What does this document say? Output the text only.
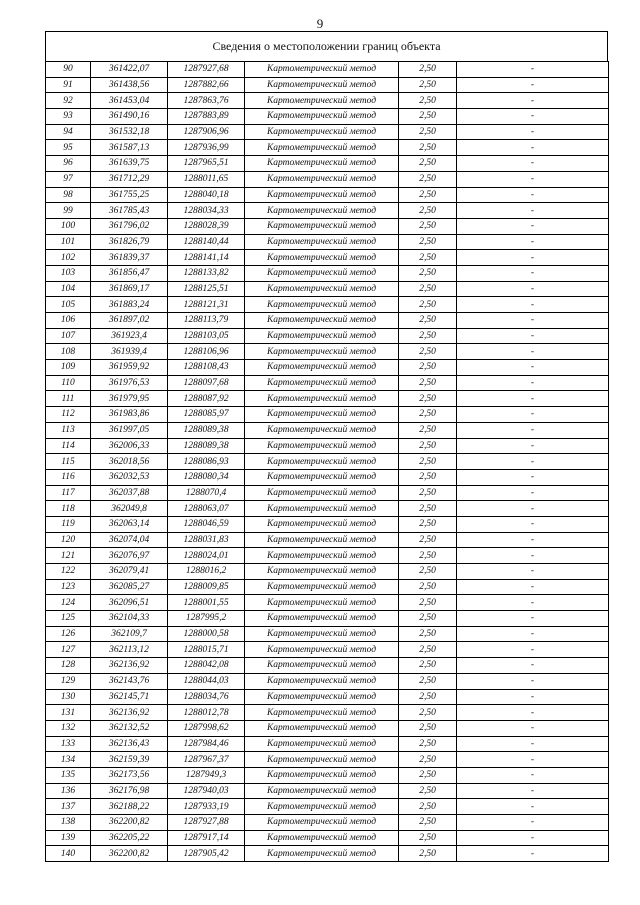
9
Сведения о местоположении границ объекта
90	361422,07	1287927,68	Картометрический метод	2,50	-
91	361438,56	1287882,66	Картометрический метод	2,50	-
92	361453,04	1287863,76	Картометрический метод	2,50	-
93	361490,16	1287883,89	Картометрический метод	2,50	-
94	361532,18	1287906,96	Картометрический метод	2,50	-
95	361587,13	1287936,99	Картометрический метод	2,50	-
96	361639,75	1287965,51	Картометрический метод	2,50	-
97	361712,29	1288011,65	Картометрический метод	2,50	-
98	361755,25	1288040,18	Картометрический метод	2,50	-
99	361785,43	1288034,33	Картометрический метод	2,50	-
100	361796,02	1288028,39	Картометрический метод	2,50	-
101	361826,79	1288140,44	Картометрический метод	2,50	-
102	361839,37	1288141,14	Картометрический метод	2,50	-
103	361856,47	1288133,82	Картометрический метод	2,50	-
104	361869,17	1288125,51	Картометрический метод	2,50	-
105	361883,24	1288121,31	Картометрический метод	2,50	-
106	361897,02	1288113,79	Картометрический метод	2,50	-
107	361923,4	1288103,05	Картометрический метод	2,50	-
108	361939,4	1288106,96	Картометрический метод	2,50	-
109	361959,92	1288108,43	Картометрический метод	2,50	-
110	361976,53	1288097,68	Картометрический метод	2,50	-
111	361979,95	1288087,92	Картометрический метод	2,50	-
112	361983,86	1288085,97	Картометрический метод	2,50	-
113	361997,05	1288089,38	Картометрический метод	2,50	-
114	362006,33	1288089,38	Картометрический метод	2,50	-
115	362018,56	1288086,93	Картометрический метод	2,50	-
116	362032,53	1288080,34	Картометрический метод	2,50	-
117	362037,88	1288070,4	Картометрический метод	2,50	-
118	362049,8	1288063,07	Картометрический метод	2,50	-
119	362063,14	1288046,59	Картометрический метод	2,50	-
120	362074,04	1288031,83	Картометрический метод	2,50	-
121	362076,97	1288024,01	Картометрический метод	2,50	-
122	362079,41	1288016,2	Картометрический метод	2,50	-
123	362085,27	1288009,85	Картометрический метод	2,50	-
124	362096,51	1288001,55	Картометрический метод	2,50	-
125	362104,33	1287995,2	Картометрический метод	2,50	-
126	362109,7	1288000,58	Картометрический метод	2,50	-
127	362113,12	1288015,71	Картометрический метод	2,50	-
128	362136,92	1288042,08	Картометрический метод	2,50	-
129	362143,76	1288044,03	Картометрический метод	2,50	-
130	362145,71	1288034,76	Картометрический метод	2,50	-
131	362136,92	1288012,78	Картометрический метод	2,50	-
132	362132,52	1287998,62	Картометрический метод	2,50	-
133	362136,43	1287984,46	Картометрический метод	2,50	-
134	362159,39	1287967,37	Картометрический метод	2,50	-
135	362173,56	1287949,3	Картометрический метод	2,50	-
136	362176,98	1287940,03	Картометрический метод	2,50	-
137	362188,22	1287933,19	Картометрический метод	2,50	-
138	362200,82	1287927,88	Картометрический метод	2,50	-
139	362205,22	1287917,14	Картометрический метод	2,50	-
140	362200,82	1287905,42	Картометрический метод	2,50	-
